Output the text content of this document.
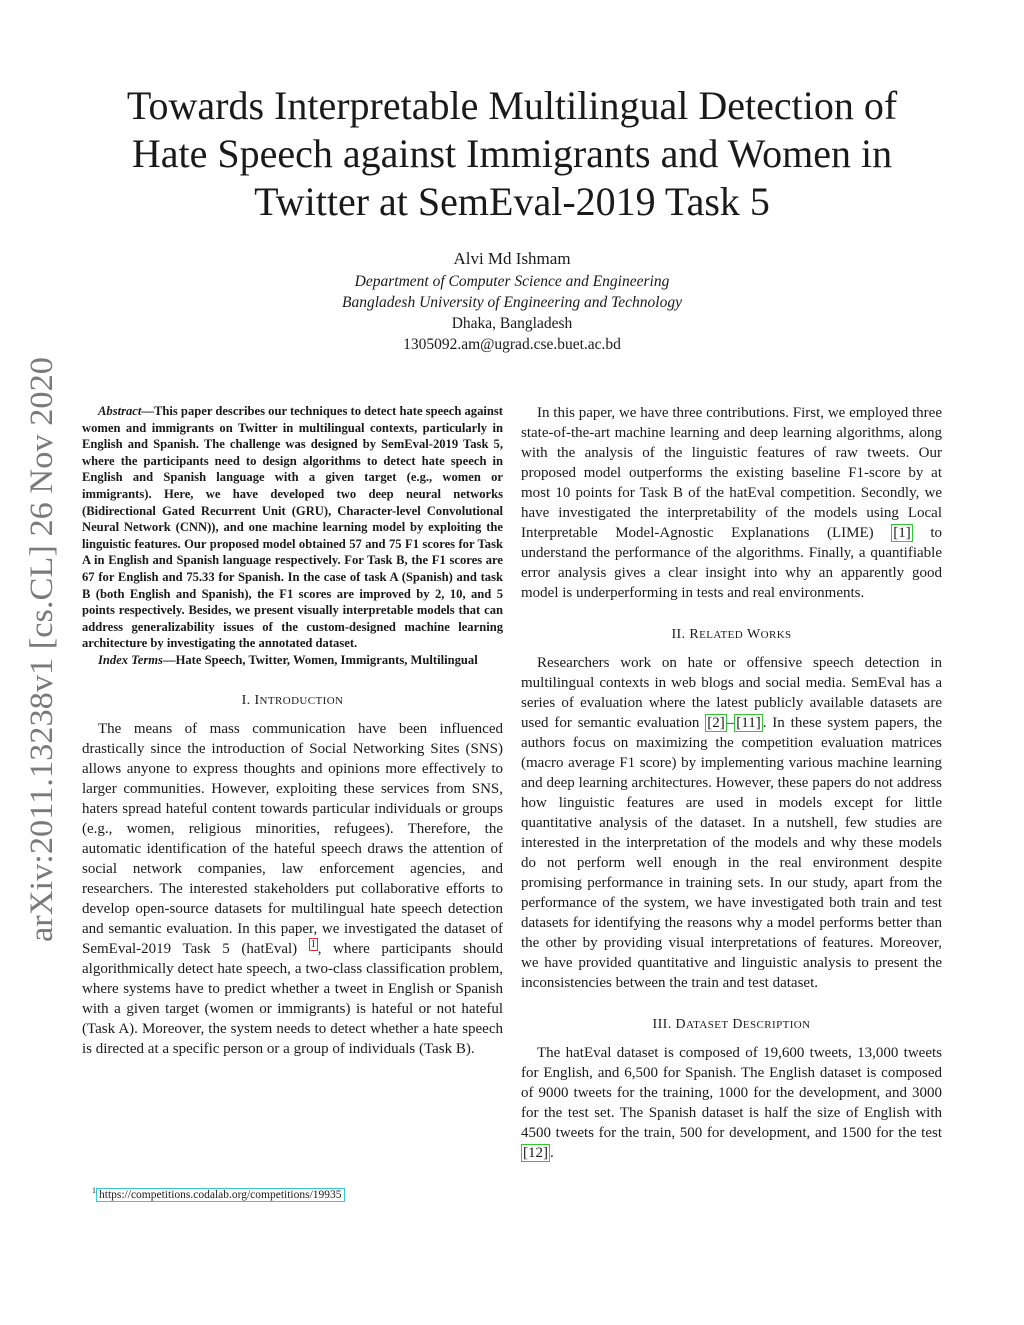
arXiv:2011.13238v1 [cs.CL] 26 Nov 2020
Towards Interpretable Multilingual Detection of
Hate Speech against Immigrants and Women in
Twitter at SemEval-2019 Task 5
Alvi Md Ishmam
Department of Computer Science and Engineering
Bangladesh University of Engineering and Technology
Dhaka, Bangladesh
1305092.am@ugrad.cse.buet.ac.bd

Abstract—This paper describes our techniques to detect hate speech against women and immigrants on Twitter in multilingual contexts, particularly in English and Spanish. The challenge was designed by SemEval-2019 Task 5, where the participants need to design algorithms to detect hate speech in English and Spanish language with a given target (e.g., women or immigrants). Here, we have developed two deep neural networks (Bidirectional Gated Recurrent Unit (GRU), Character-level Convolutional Neural Network (CNN)), and one machine learning model by exploiting the linguistic features. Our proposed model obtained 57 and 75 F1 scores for Task A in English and Spanish language respectively. For Task B, the F1 scores are 67 for English and 75.33 for Spanish. In the case of task A (Spanish) and task B (both English and Spanish), the F1 scores are improved by 2, 10, and 5 points respectively. Besides, we present visually interpretable models that can address generalizability issues of the custom-designed machine learning architecture by investigating the annotated dataset.

Index Terms—Hate Speech, Twitter, Women, Immigrants, Multilingual

I. INTRODUCTION

The means of mass communication have been influenced drastically since the introduction of Social Networking Sites (SNS) allows anyone to express thoughts and opinions more effectively to larger communities. However, exploiting these services from SNS, haters spread hateful content towards particular individuals or groups (e.g., women, religious minorities, refugees). Therefore, the automatic identification of the hateful speech draws the attention of social network companies, law enforcement agencies, and researchers. The interested stakeholders put collaborative efforts to develop open-source datasets for multilingual hate speech detection and semantic evaluation. In this paper, we investigated the dataset of SemEval-2019 Task 5 (hatEval) $^1$ , where participants should algorithmically detect hate speech, a two-class classification problem, where systems have to predict whether a tweet in English or Spanish with a given target (women or immigrants) is hateful or not hateful (Task A). Moreover, the system needs to detect whether a hate speech is directed at a specific person or a group of individuals (Task B).

In this paper, we have three contributions. First, we employed three state-of-the-art machine learning and deep learning algorithms, along with the analysis of the linguistic features of raw tweets. Our proposed model outperforms the existing baseline F1-score by at most 10 points for Task B of the hatEval competition. Secondly, we have investigated the interpretability of the models using Local Interpretable Model-Agnostic Explanations (LIME) [1] to understand the performance of the algorithms. Finally, a quantifiable error analysis gives a clear insight into why an apparently good model is underperforming in tests and real environments.

II. RELATED WORKS

Researchers work on hate or offensive speech detection in multilingual contexts in web blogs and social media. SemEval has a series of evaluation where the latest publicly available datasets are used for semantic evaluation [2] – [11] . In these system papers, the authors focus on maximizing the competition evaluation matrices (macro average F1 score) by implementing various machine learning and deep learning architectures. However, these papers do not address how linguistic features are used in models except for little quantitative analysis of the dataset. In a nutshell, few studies are interested in the interpretation of the models and why these models do not perform well enough in the real environment despite promising performance in training sets. In our study, apart from the performance of the system, we have investigated both train and test datasets for identifying the reasons why a model performs better than the other by providing visual interpretations of features. Moreover, we have provided quantitative and linguistic analysis to present the inconsistencies between the train and test dataset.

III. DATASET DESCRIPTION

The hatEval dataset is composed of 19,600 tweets, 13,000 tweets for English, and 6,500 for Spanish. The English dataset is composed of 9000 tweets for the training, 1000 for the development, and 3000 for the test set. The Spanish dataset is half the size of English with 4500 tweets for the train, 500 for development, and 1500 for the test [12] .

$^1$ https://competitions.codalab.org/competitions/19935
